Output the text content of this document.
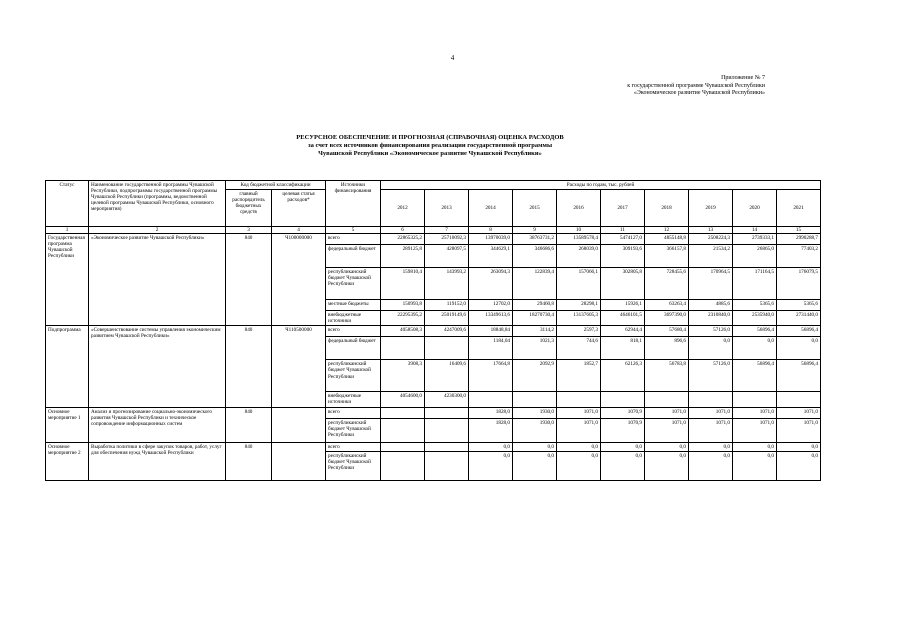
4
Приложение № 7
к государственной программе Чувашской Республики
«Экономическое развитие Чувашской Республики»
РЕСУРСНОЕ ОБЕСПЕЧЕНИЕ И ПРОГНОЗНАЯ (СПРАВОЧНАЯ) ОЦЕНКА РАСХОДОВ
за счет всех источников финансирования реализации государственной программы
Чувашской Республики «Экономическое развитие Чувашской Республики»
Статус	Наименование государственной программы Чувашской Республики, подпрограммы государственной программы Чувашской Республики (программы, ведомственной целевой программы Чувашской Республики, основного мероприятия)	Код бюджетной классификации		Источники финансирования	Расходы по годам, тыс. рублей									
		главный распорядитель бюджетных средств	целевая статья расходов*		2012	2013	2014	2015	2016	2017	2018	2019	2020	2021
1	2	3	4	5	6	7	8	9	10	11	12	13	14	15
Государственная программа Чувашской Республики	«Экономическое развитие Чувашской Республики»	840	Ч100000000	всего	22865325,2	25710092,3	13970039,0	38763731,2	13589578,4	5474127,0	4855148,8	2508224,3	2739333,1	2990288,7
				федеральный бюджет	289125,8	428097,5	344629,1	346686,6	268039,0	309193,6	366157,8	21534,2	26865,0	77403,2
				республиканский бюджет Чувашской Республики	159810,4	143993,2	263094,3	122839,4	157066,1	302805,8	728455,6	170964,5	171164,5	176079,5
				местные бюджеты	150993,8	119152,0	12702,0	29460,8	28298,1	15926,1	63263,4	4885,6	5365,6	5365,6
				внебюджетные источники	22295395,2	25019149,6	13349613,6	18270730,4	13137605,3	4646101,5	3697390,0	2310840,0	2535940,0	2731440,0
Подпрограмма	«Совершенствование системы управления экономическим развитием Чувашской Республики»	840	Ч110500000	всего	4058508,3	4247009,6	18848,84	3114,2	2597,3	62944,4	57680,4	57126,0	56896,4	56896,4
				федеральный бюджет			1184,04	1021,3	744,6	818,1	896,6	0,0	0,0	0,0
				республиканский бюджет Чувашской Республики	3908,3	16409,6	17664,8	2092,9	1852,7	62126,3	56783,8	57126,0	56896,4	56896,4
				внебюджетные источники	4054600,0	4230300,0								
Основное мероприятие 1	Анализ и прогнозирование социально-экономического развития Чувашской Республики и техническое сопровождение информационных систем	840		всего			1828,0	1930,0	1071,0	1070,9	1071,0	1071,0	1071,0	1071,0
				республиканский бюджет Чувашской Республики			1828,0	1930,0	1071,0	1070,9	1071,0	1071,0	1071,0	1071,0
Основное мероприятие 2	Выработка политики в сфере закупок товаров, работ, услуг для обеспечения нужд Чувашской Республики	840		всего			0,0	0,0	0,0	0,0	0,0	0,0	0,0	0,0
				республиканский бюджет Чувашской Республики			0,0	0,0	0,0	0,0	0,0	0,0	0,0	0,0
